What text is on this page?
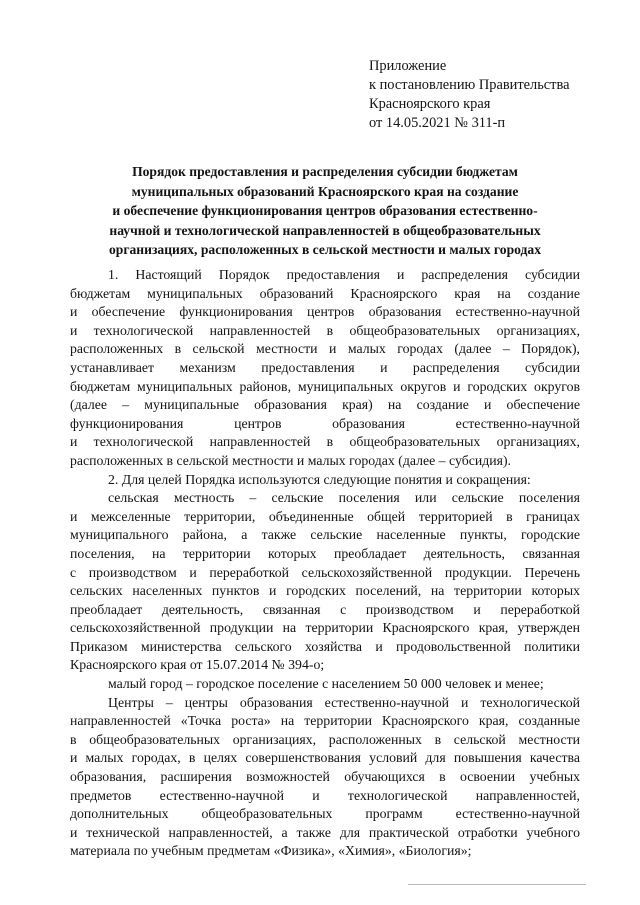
Приложение
к постановлению Правительства
Красноярского края
от 14.05.2021 № 311-п
Порядок предоставления и распределения субсидии бюджетам
муниципальных образований Красноярского края на создание
и обеспечение функционирования центров образования естественно-
научной и технологической направленностей в общеобразовательных
организациях, расположенных в сельской местности и малых городах
1. Настоящий Порядок предоставления и распределения субсидии
бюджетам муниципальных образований Красноярского края на создание
и обеспечение функционирования центров образования естественно-научной
и технологической направленностей в общеобразовательных организациях,
расположенных в сельской местности и малых городах (далее – Порядок),
устанавливает механизм предоставления и распределения субсидии
бюджетам муниципальных районов, муниципальных округов и городских округов
(далее – муниципальные образования края) на создание и обеспечение
функционирования центров образования естественно-научной
и технологической направленностей в общеобразовательных организациях,
расположенных в сельской местности и малых городах (далее – субсидия).
2. Для целей Порядка используются следующие понятия и сокращения:
сельская местность – сельские поселения или сельские поселения
и межселенные территории, объединенные общей территорией в границах
муниципального района, а также сельские населенные пункты, городские
поселения, на территории которых преобладает деятельность, связанная
с производством и переработкой сельскохозяйственной продукции. Перечень
сельских населенных пунктов и городских поселений, на территории которых
преобладает деятельность, связанная с производством и переработкой
сельскохозяйственной продукции на территории Красноярского края, утвержден
Приказом министерства сельского хозяйства и продовольственной политики
Красноярского края от 15.07.2014 № 394-о;
малый город – городское поселение с населением 50 000 человек и менее;
Центры – центры образования естественно-научной и технологической
направленностей «Точка роста» на территории Красноярского края, созданные
в общеобразовательных организациях, расположенных в сельской местности
и малых городах, в целях совершенствования условий для повышения качества
образования, расширения возможностей обучающихся в освоении учебных
предметов естественно-научной и технологической направленностей,
дополнительных общеобразовательных программ естественно-научной
и технической направленностей, а также для практической отработки учебного
материала по учебным предметам «Физика», «Химия», «Биология»;
